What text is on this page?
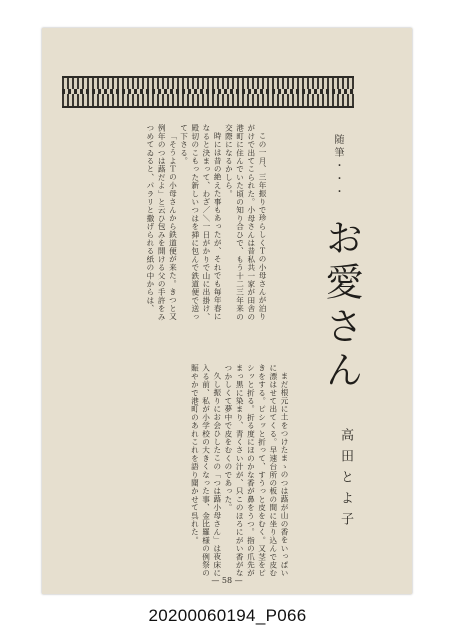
この一月、三年振りで珍らしくＴの小母さんが泊りがけで出てこられた。小母さんは昔私共一家が田舎の港町に住んでいた頃の知り合ひで、もう十二三年来の交際になるかしら。

時には昔の絶えた事もあったが、それでも毎年春になると決まって、わざ／＼一日がかりで山に出掛け、殿切のこもった新しいつはを挿に包んで鉄道便で送って下さる。

「そうよＴの小母さんから鉄道便が来た。きつと又例年のつは蕗だよ」と云ひ包みを開ける父の手許をみつめてゐると、パラリと撒げられる紙の中からは、	随筆・・・
お愛さん
高田とよ子

まだ根元に土をつけたまゝのつは蕗が山の香をいっぱいに漂はせて出てくる。早速台所の板の間に坐り込んで皮むきをする。ピシッと折って、すうっと皮をむく。又茎をピシッと折る。折る度にほのかな香が鼻をうつ。指の爪先がまっ黒に染まり、青くさい汁が、只このほろにがい香がなつかしくて夢中で皮をむくのであった。

久し振りにお会ひしたこの「つは蕗小母さん」は夜床に入る前、私が小学校の大きくなった事、金比羅様の例祭の賑やかで港町のあれこれを語り聞かせて呉れた。

— 58 —
20200060194_P066
